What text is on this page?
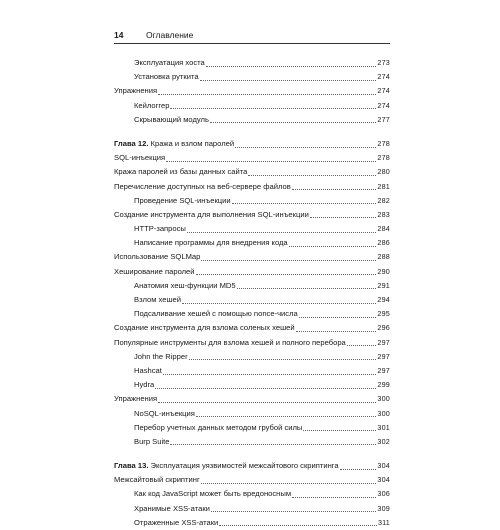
14	Оглавление
Эксплуатация хоста	273
Установка руткита	274
Упражнения	274
Кейлоггер	274
Скрывающий модуль	277
Глава 12. Кража и взлом паролей	278
SQL-инъекция	278
Кража паролей из базы данных сайта	280
Перечисление доступных на веб-сервере файлов	281
Проведение SQL-инъекции	282
Создание инструмента для выполнения SQL-инъекции	283
HTTP-запросы	284
Написание программы для внедрения кода	286
Использование SQLMap	288
Хеширование паролей	290
Анатомия хеш-функции MD5	291
Взлом хешей	294
Подсаливание хешей с помощью nonce-числа	295
Создание инструмента для взлома соленых хешей	296
Популярные инструменты для взлома хешей и полного перебора	297
John the Ripper	297
Hashcat	297
Hydra	299
Упражнения	300
NoSQL-инъекция	300
Перебор учетных данных методом грубой силы	301
Burp Suite	302
Глава 13. Эксплуатация уязвимостей межсайтового скриптинга	304
Межсайтовый скриптинг	304
Как код JavaScript может быть вредоносным	306
Хранимые XSS-атаки	309
Отраженные XSS-атаки	311
